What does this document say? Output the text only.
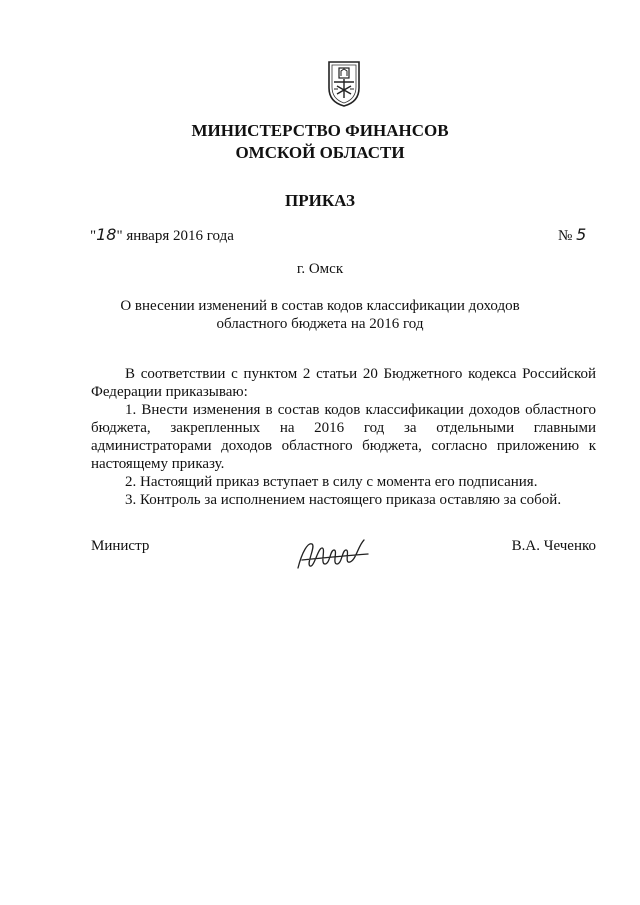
МИНИСТЕРСТВО ФИНАНСОВ
ОМСКОЙ ОБЛАСТИ
ПРИКАЗ
"18" января 2016 года	№ 5
г. Омск
О внесении изменений в состав кодов классификации доходов
областного бюджета на 2016 год

В соответствии с пунктом 2 статьи 20 Бюджетного кодекса Российской Федерации приказываю:

1. Внести изменения в состав кодов классификации доходов областного бюджета, закрепленных на 2016 год за отдельными главными администраторами доходов областного бюджета, согласно приложению к настоящему приказу.

2. Настоящий приказ вступает в силу с момента его подписания.

3. Контроль за исполнением настоящего приказа оставляю за собой.

Министр	В.А. Чеченко
